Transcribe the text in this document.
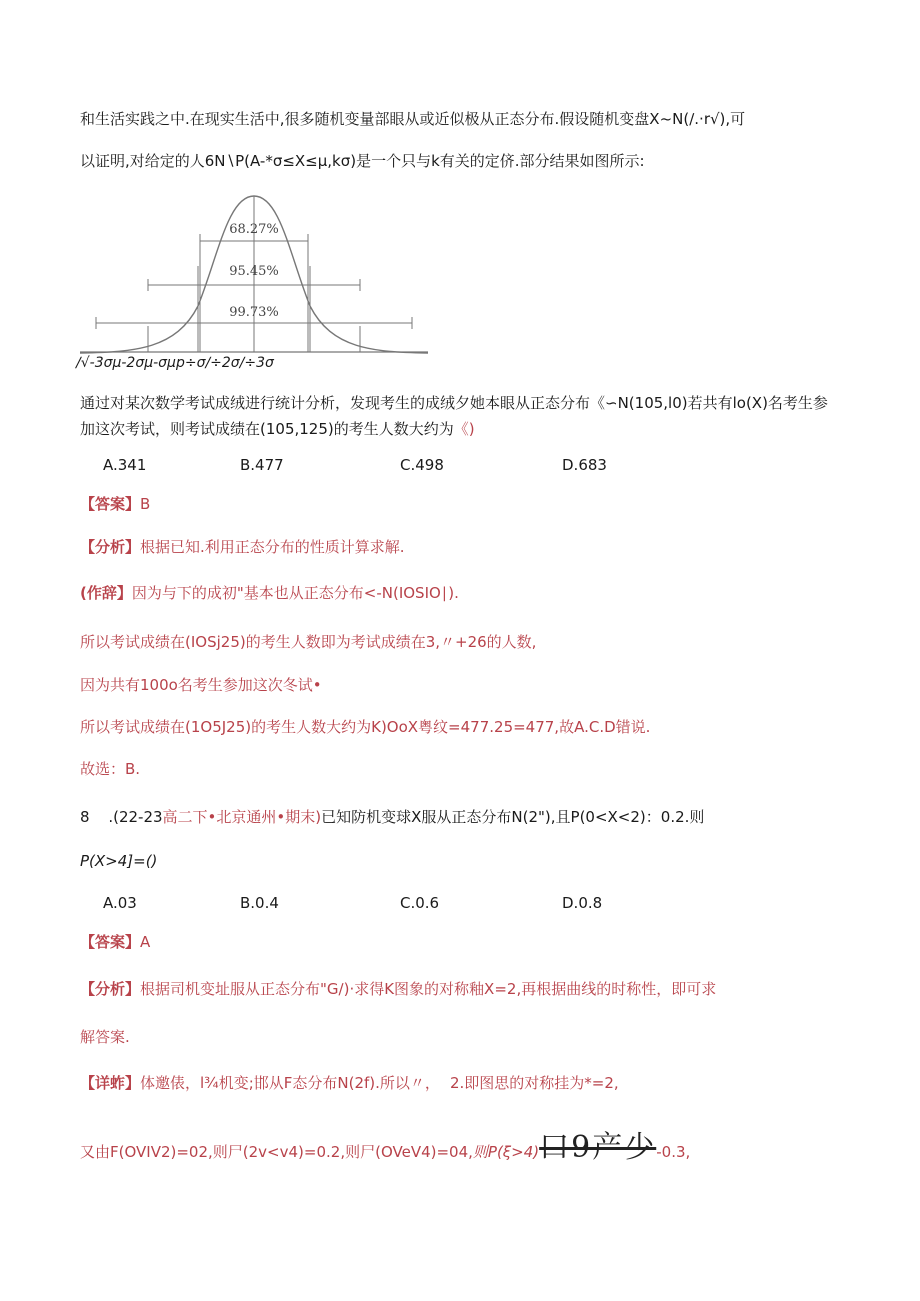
和生活实践之中.在现实生活中,很多随机变量部眼从或近似极从正态分布.假设随机变盘X~N(∕.·r√),可
以证明,对给定的人6N∖P(A-*σ≤X≤μ,kσ)是一个只与k有关的定侪.部分结果如图所示:
68.27%
95.45%
99.73%
∕√-3σμ-2σμ-σμp÷σ∕÷2σ∕÷3σ
通过对某次数学考试成绒进行统计分析，发现考生的成绒夕她本眼从正态分布《∽N(105,l0)若共有lo(X)名考生参
加这次考试，则考试成绩在(105,125)的考生人数大约为《)
A.341	B.477	C.498	D.683
【答案】B
【分析】根据已知.利用正态分布的性质计算求解.
(作辞】因为与下的成初"基本也从正态分布<-N(IOSIO∣).
所以考试成绩在(IOSj25)的考生人数即为考试成绩在3,〃+26的人数,
因为共有100o名考生参加这次冬试•
所以考试成绩在(1O5J25)的考生人数大约为K)OoX粤纹=477.25=477,故A.C.D错说.
故选：B.
8 .(22-23高二下•北京通州•期末)已知防机变球X服从正态分布N(2"),且P(0<X<2)：0.2.则
P(X>4]=()
A.03	B.0.4	C.0.6	D.0.8
【答案】A
【分析】根据司机变址服从正态分布"G∕)·求得K图象的对称釉X=2,再根据曲线的时称性，即可求
解答案.
【详蚱】体邀俵，l¾机变;邯从F态分布N(2f).所以〃， 2.即图思的对称挂为*=2,
又由F(OVIV2)=02,则尸(2v<v4)=0.2,则尸(OVeV4)=04,则P(ξ>4)口9产少-0.3,
